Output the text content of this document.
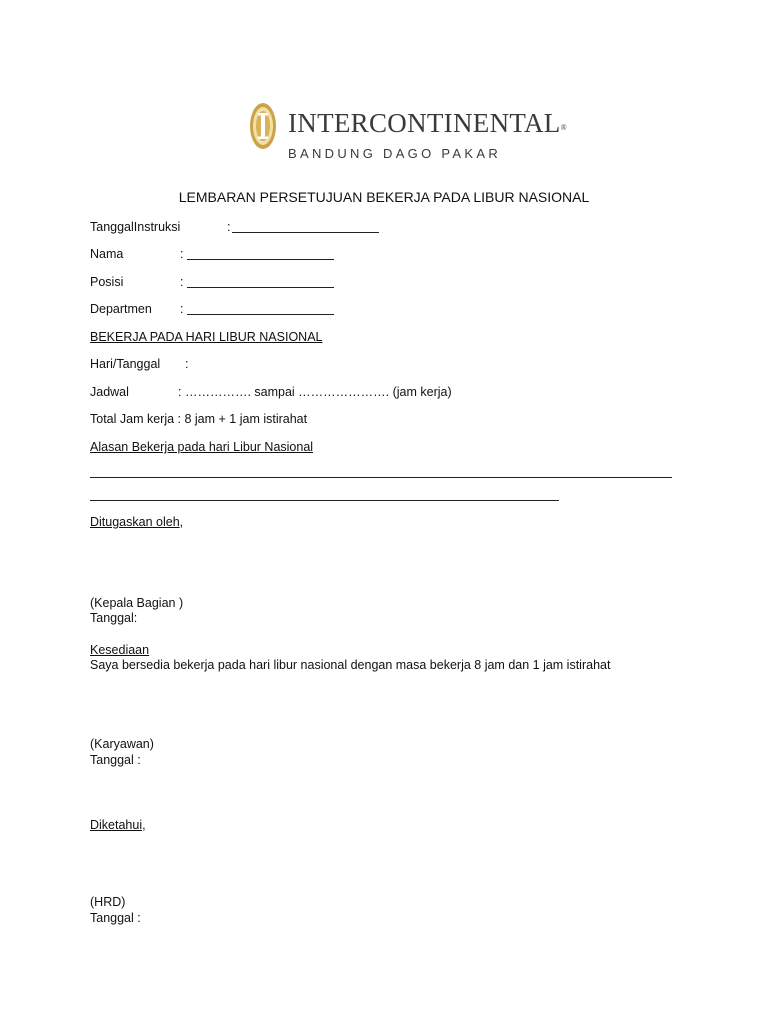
INTERCONTINENTAL®
BANDUNG DAGO PAKAR
LEMBARAN PERSETUJUAN BEKERJA PADA LIBUR NASIONAL
TanggalInstruksi	:
Nama	:
Posisi	:
Departmen :
BEKERJA PADA HARI LIBUR NASIONAL
Hari/Tanggal :
Jadwal	: ……………. sampai …………………. (jam kerja)
Total Jam kerja : 8 jam + 1 jam istirahat
Alasan Bekerja pada hari Libur Nasional
Ditugaskan oleh,
(Kepala Bagian )
Tanggal:
Kesediaan
Saya bersedia bekerja pada hari libur nasional dengan masa bekerja 8 jam dan 1 jam istirahat
(Karyawan)
Tanggal :
Diketahui,
(HRD)
Tanggal :
